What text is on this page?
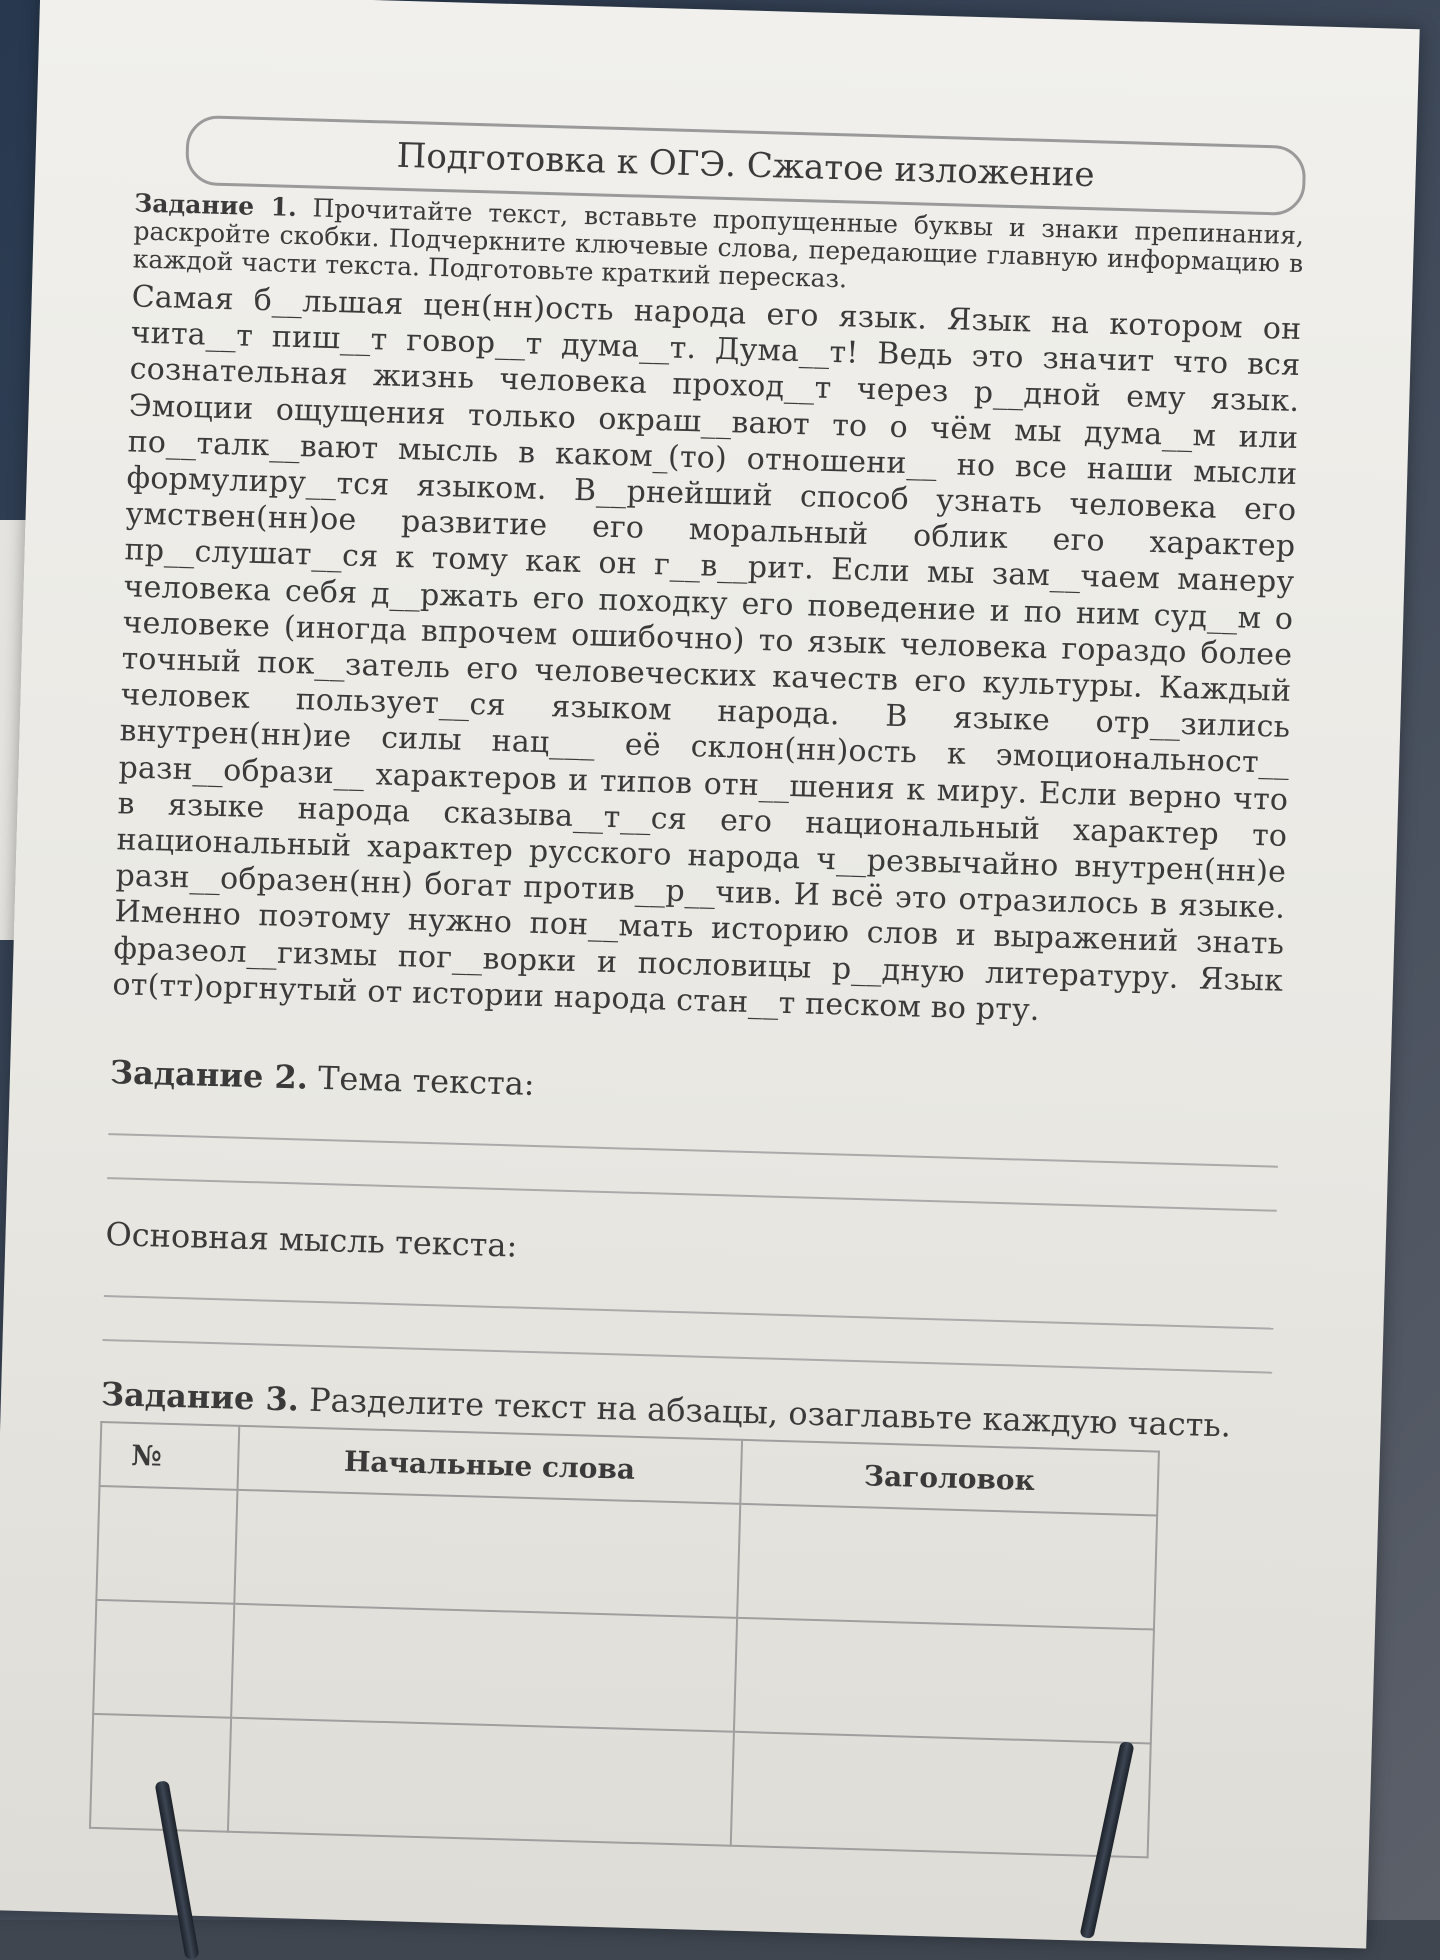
Подготовка к ОГЭ. Сжатое изложение

Задание 1. Прочитайте текст, вставьте пропущенные буквы и знаки препинания, раскройте скобки. Подчеркните ключевые слова, передающие главную информацию в каждой части текста. Подготовьте краткий пересказ.

Самая б__льшая цен(нн)ость народа его язык. Язык на котором он чита__т пиш__т говор__т дума__т. Дума__т! Ведь это значит что вся сознательная жизнь человека проход__т через р__дной ему язык. Эмоции ощущения только окраш__вают то о чём мы дума__м или по__талк__вают мысль в каком_(то) отношени__ но все наши мысли формулиру__тся языком. В__рнейший способ узнать человека его умствен(нн)ое развитие его моральный облик его характер пр__слушат__ся к тому как он г__в__рит. Если мы зам__чаем манеру человека себя д__ржать его походку его поведение и по ним суд__м о человеке (иногда впрочем ошибочно) то язык человека гораздо более точный пок__затель его человеческих качеств его культуры. Каждый человек пользует__ся языком народа. В языке отр__зились внутрен(нн)ие силы нац___ её склон(нн)ость к эмоциональност__ разн__образи__ характеров и типов отн__шения к миру. Если верно что в языке народа сказыва__т__ся его национальный характер то национальный характер русского народа ч__резвычайно внутрен(нн)е разн__образен(нн) богат против__р__чив. И всё это отразилось в языке. Именно поэтому нужно пон__мать историю слов и выражений знать фразеол__гизмы пог__ворки и пословицы р__дную литературу. Язык от(тт)оргнутый от истории народа стан__т песком во рту.

Задание 2. Тема текста:
Основная мысль текста:
Задание 3. Разделите текст на абзацы, озаглавьте каждую часть.
№	Начальные слова	Заголовок
